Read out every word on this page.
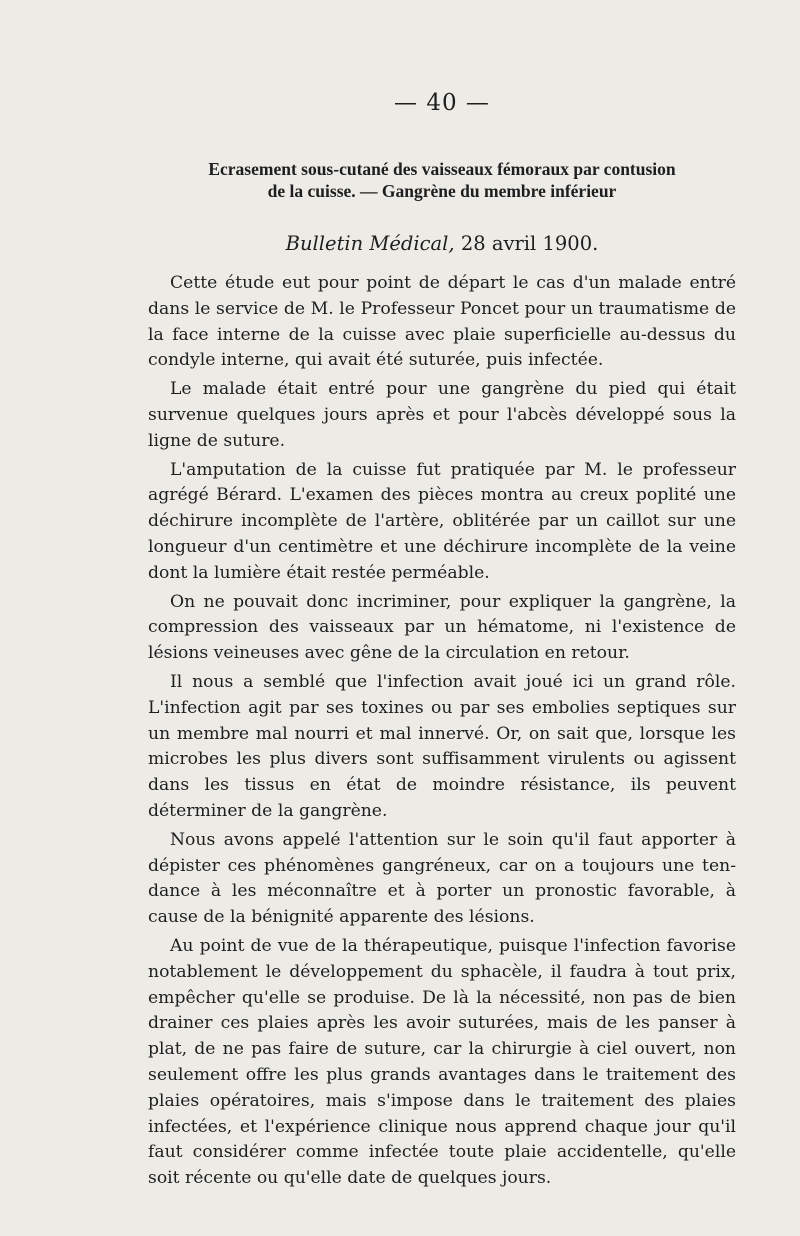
— 40 —
Ecrasement sous-cutané des vaisseaux fémoraux par contusion
de la cuisse. — Gangrène du membre inférieur
Bulletin Médical, 28 avril 1900.

Cette étude eut pour point de départ le cas d'un malade entré dans le service de M. le Professeur Poncet pour un traumatisme de la face interne de la cuisse avec plaie superficielle au-dessus du condyle interne, qui avait été suturée, puis infectée.

Le malade était entré pour une gangrène du pied qui était survenue quelques jours après et pour l'abcès développé sous la ligne de suture.

L'amputation de la cuisse fut pratiquée par M. le professeur agrégé Bérard. L'examen des pièces montra au creux poplité une déchirure incomplète de l'artère, oblitérée par un caillot sur une longueur d'un centimètre et une déchirure incomplète de la veine dont la lumière était restée perméable.

On ne pouvait donc incriminer, pour expliquer la gangrène, la compression des vaisseaux par un hématome, ni l'existence de lésions veineuses avec gêne de la circulation en retour.

Il nous a semblé que l'infection avait joué ici un grand rôle. L'infection agit par ses toxines ou par ses embolies septiques sur un membre mal nourri et mal innervé. Or, on sait que, lorsque les microbes les plus divers sont suffisamment virulents ou agissent dans les tissus en état de moindre résistance, ils peuvent déterminer de la gangrène.

Nous avons appelé l'attention sur le soin qu'il faut apporter à dépister ces phénomènes gangréneux, car on a toujours une tendance à les méconnaître et à porter un pronostic favorable, à cause de la bénignité apparente des lésions.

Au point de vue de la thérapeutique, puisque l'infection favorise notablement le développement du sphacèle, il faudra à tout prix, empêcher qu'elle se produise. De là la nécessité, non pas de bien drainer ces plaies après les avoir suturées, mais de les panser à plat, de ne pas faire de suture, car la chirurgie à ciel ouvert, non seulement offre les plus grands avantages dans le traitement des plaies opératoires, mais s'impose dans le traitement des plaies infectées, et l'expérience clinique nous apprend chaque jour qu'il faut considérer comme infectée toute plaie accidentelle, qu'elle soit récente ou qu'elle date de quelques jours.
